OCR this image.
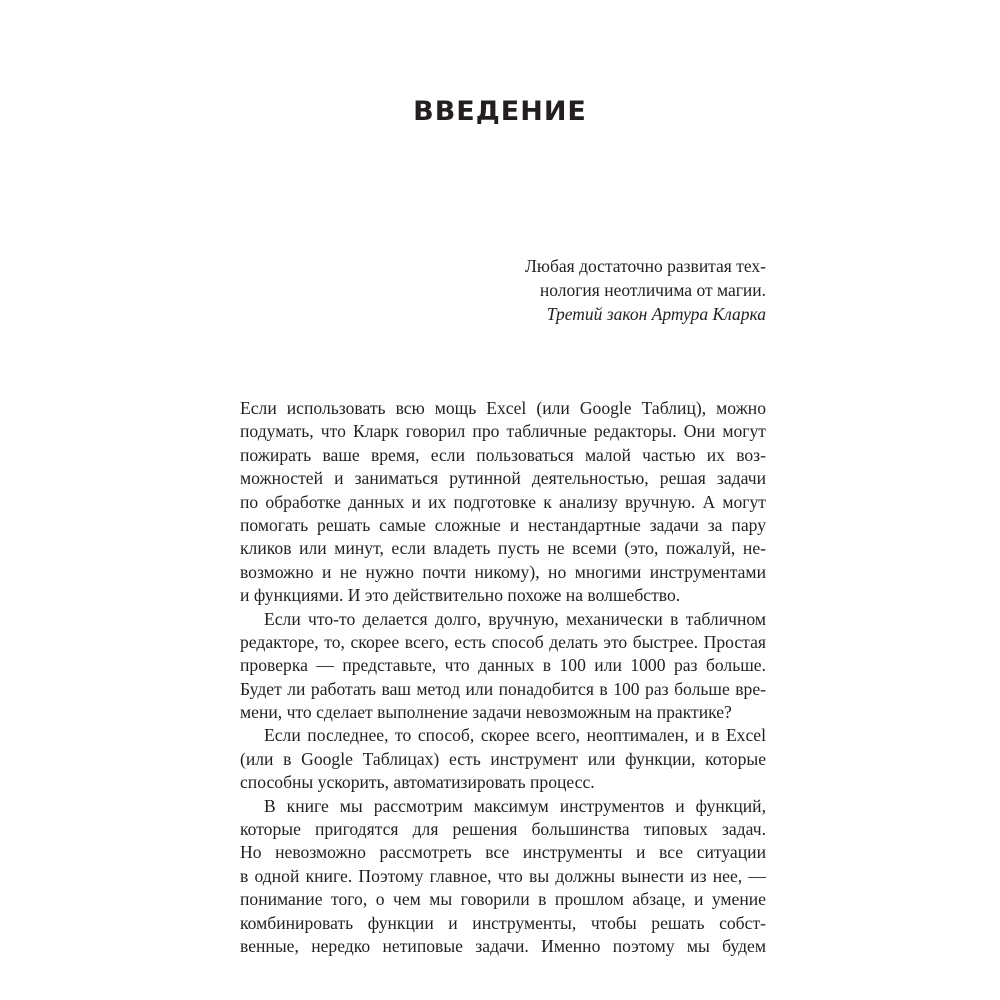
ВВЕДЕНИЕ
Любая достаточно развитая тех-
нология неотличима от магии.
Третий закон Артура Кларка
Если использовать всю мощь Excel (или Google Таблиц), можно
подумать, что Кларк говорил про табличные редакторы. Они могут
пожирать ваше время, если пользоваться малой частью их воз-
можностей и заниматься рутинной деятельностью, решая задачи
по обработке данных и их подготовке к анализу вручную. А могут
помогать решать самые сложные и нестандартные задачи за пару
кликов или минут, если владеть пусть не всеми (это, пожалуй, не-
возможно и не нужно почти никому), но многими инструментами
и функциями. И это действительно похоже на волшебство.
Если что-то делается долго, вручную, механически в табличном
редакторе, то, скорее всего, есть способ делать это быстрее. Простая
проверка — представьте, что данных в 100 или 1000 раз больше.
Будет ли работать ваш метод или понадобится в 100 раз больше вре-
мени, что сделает выполнение задачи невозможным на практике?
Если последнее, то способ, скорее всего, неоптимален, и в Excel
(или в Google Таблицах) есть инструмент или функции, которые
способны ускорить, автоматизировать процесс.
В книге мы рассмотрим максимум инструментов и функций,
которые пригодятся для решения большинства типовых задач.
Но невозможно рассмотреть все инструменты и все ситуации
в одной книге. Поэтому главное, что вы должны вынести из нее, —
понимание того, о чем мы говорили в прошлом абзаце, и умение
комбинировать функции и инструменты, чтобы решать собст-
венные, нередко нетиповые задачи. Именно поэтому мы будем
